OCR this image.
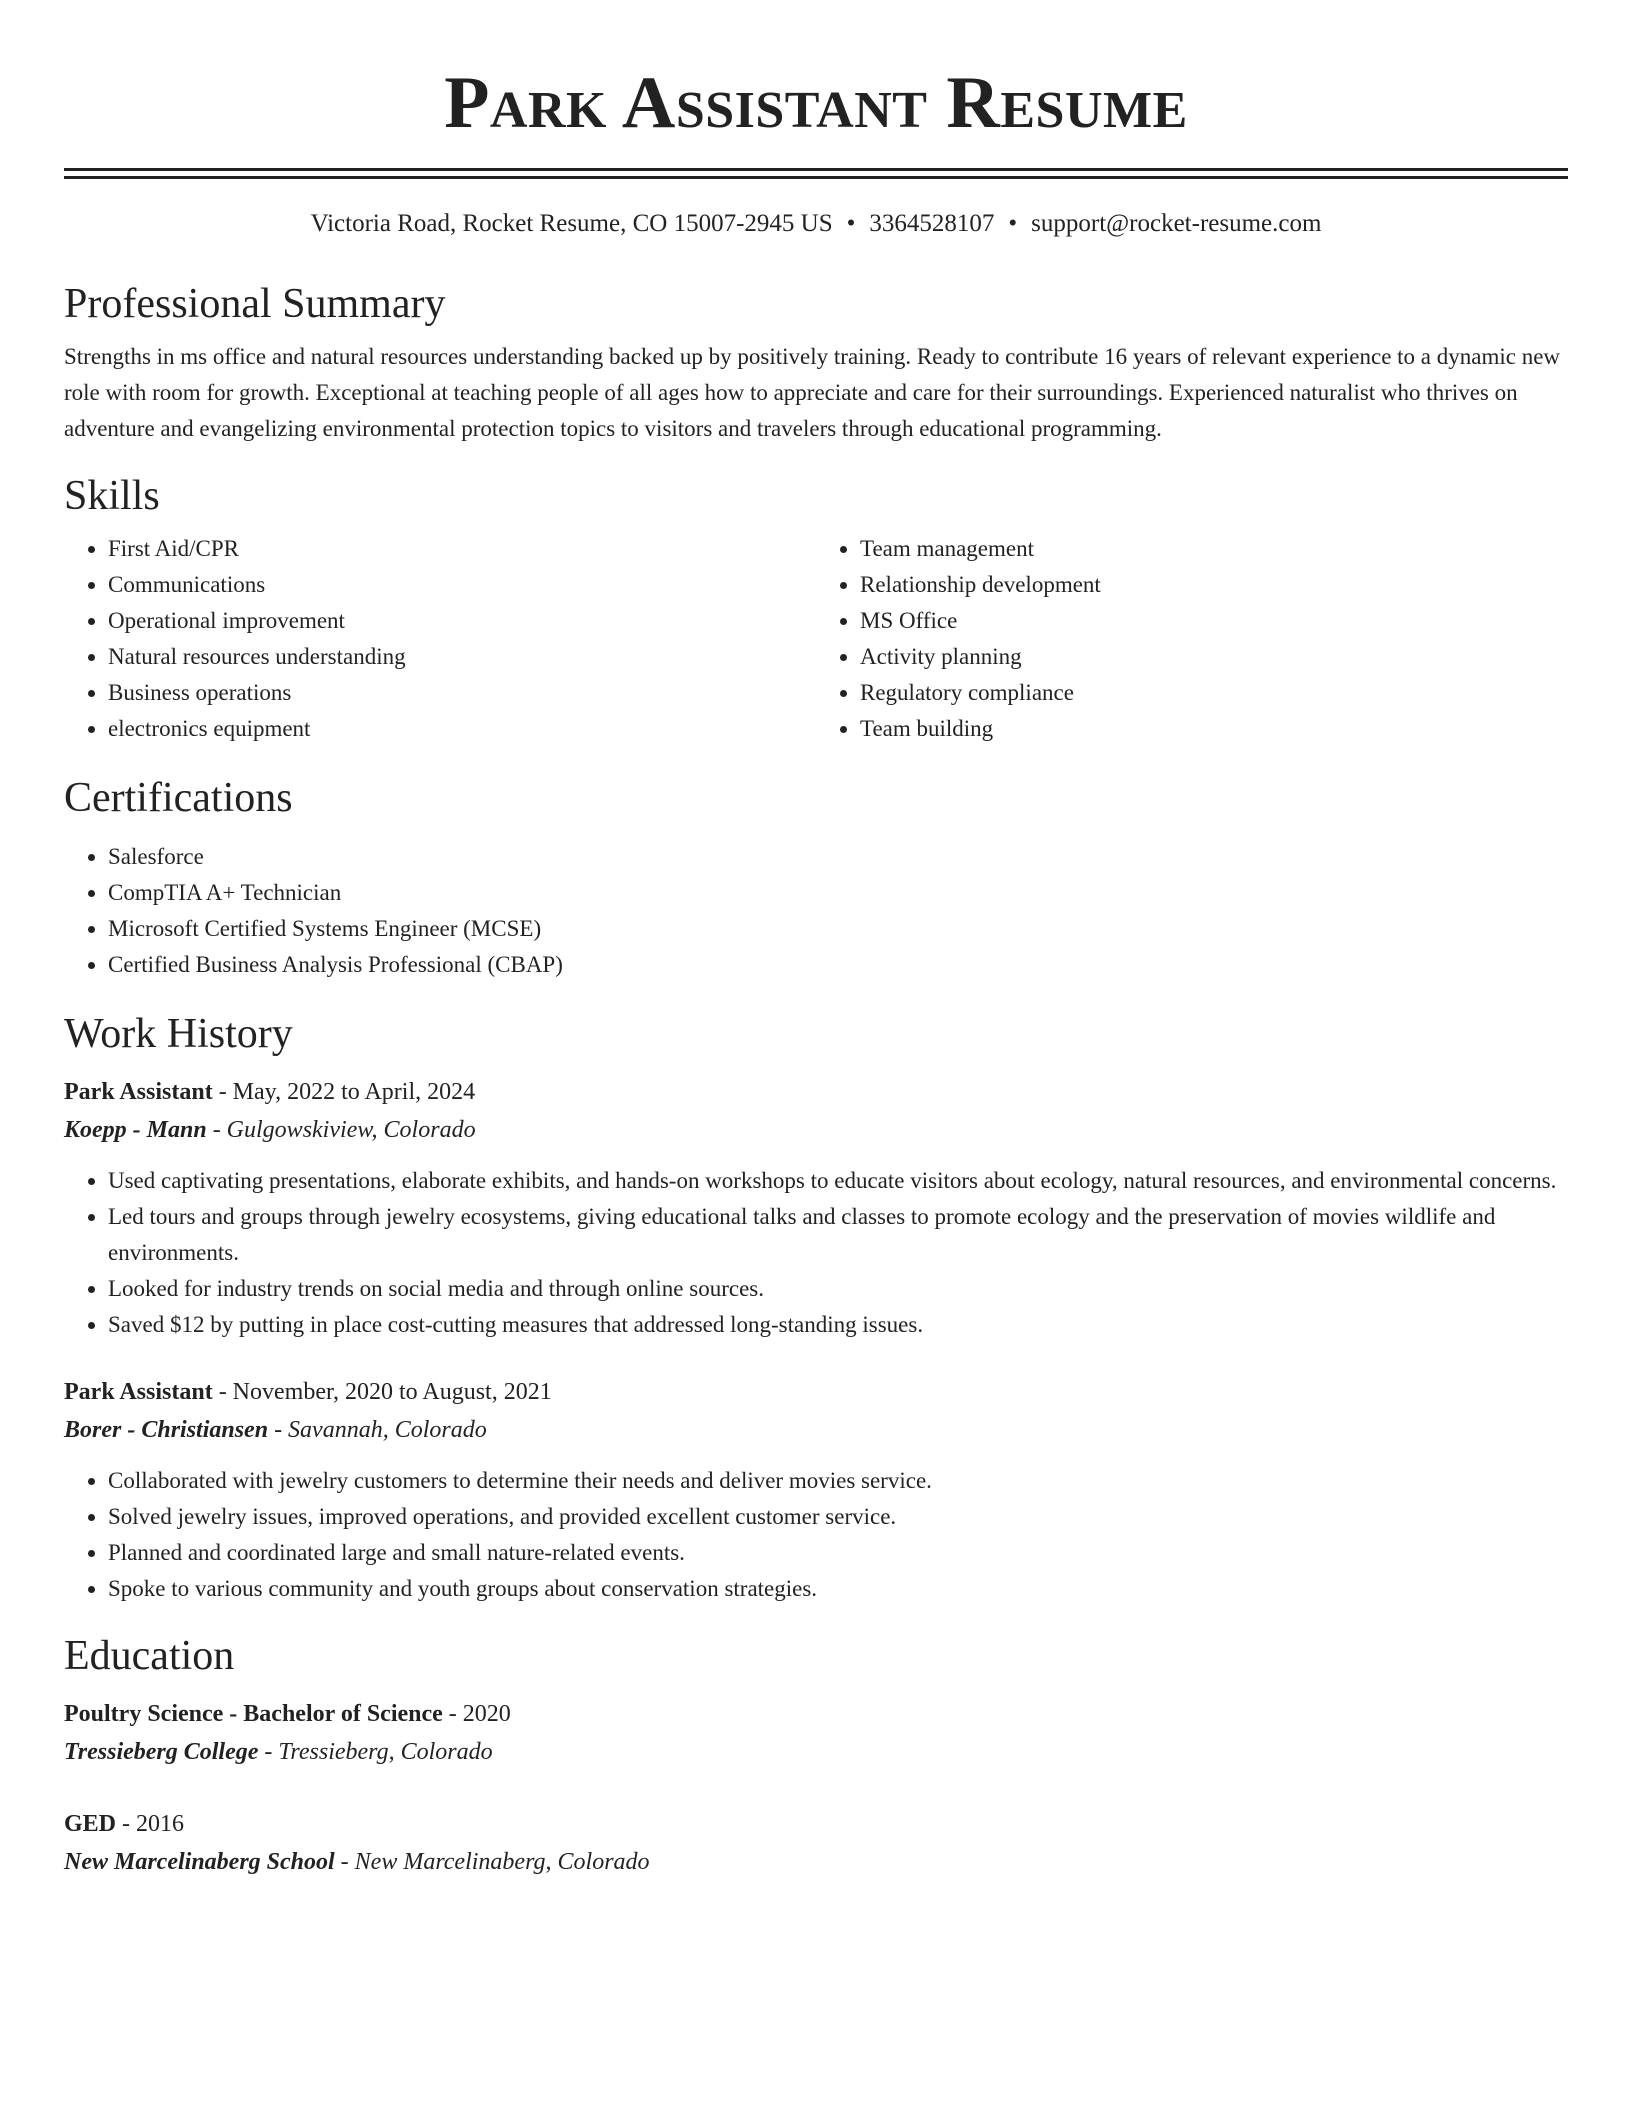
Park Assistant Resume
Victoria Road, Rocket Resume, CO 15007-2945 US • 3364528107 • support@rocket-resume.com
Professional Summary

Strengths in ms office and natural resources understanding backed up by positively training. Ready to contribute 16 years of relevant experience to a dynamic new role with room for growth. Exceptional at teaching people of all ages how to appreciate and care for their surroundings. Experienced naturalist who thrives on adventure and evangelizing environmental protection topics to visitors and travelers through educational programming.

Skills
• First Aid/CPR
• Communications
• Operational improvement
• Natural resources understanding
• Business operations
• electronics equipment
• Team management
• Relationship development
• MS Office
• Activity planning
• Regulatory compliance
• Team building
Certifications
• Salesforce
• CompTIA A+ Technician
• Microsoft Certified Systems Engineer (MCSE)
• Certified Business Analysis Professional (CBAP)
Work History
Park Assistant - May, 2022 to April, 2024
Koepp - Mann - Gulgowskiview, Colorado
• Used captivating presentations, elaborate exhibits, and hands-on workshops to educate visitors about ecology, natural resources, and environmental concerns.
• Led tours and groups through jewelry ecosystems, giving educational talks and classes to promote ecology and the preservation of movies wildlife and environments.
• Looked for industry trends on social media and through online sources.
• Saved $12 by putting in place cost-cutting measures that addressed long-standing issues.
Park Assistant - November, 2020 to August, 2021
Borer - Christiansen - Savannah, Colorado
• Collaborated with jewelry customers to determine their needs and deliver movies service.
• Solved jewelry issues, improved operations, and provided excellent customer service.
• Planned and coordinated large and small nature-related events.
• Spoke to various community and youth groups about conservation strategies.
Education
Poultry Science - Bachelor of Science - 2020
Tressieberg College - Tressieberg, Colorado
GED - 2016
New Marcelinaberg School - New Marcelinaberg, Colorado
